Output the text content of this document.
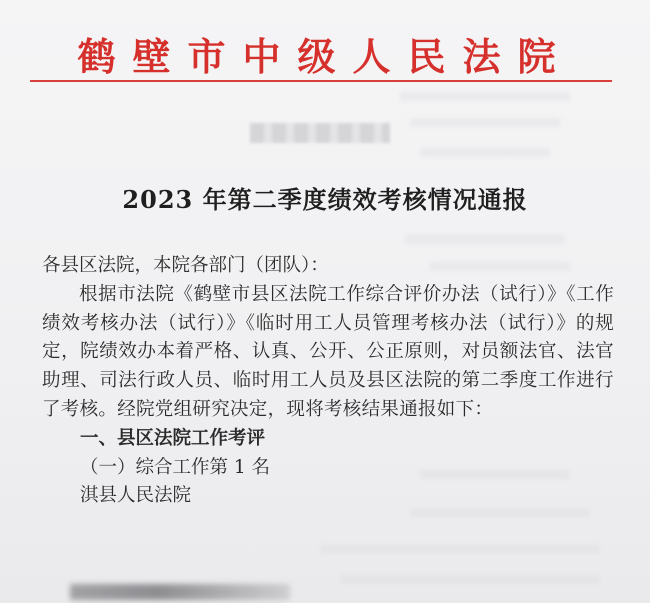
鹤壁市中级人民法院
2023 年第二季度绩效考核情况通报

各县区法院，本院各部门（团队）：

根据市法院《鹤壁市县区法院工作综合评价办法（试行）》《工作绩效考核办法（试行）》《临时用工人员管理考核办法（试行）》的规定，院绩效办本着严格、认真、公开、公正原则，对员额法官、法官助理、司法行政人员、临时用工人员及县区法院的第二季度工作进行了考核。经院党组研究决定，现将考核结果通报如下：

一、县区法院工作考评

（一）综合工作第 1 名

淇县人民法院
